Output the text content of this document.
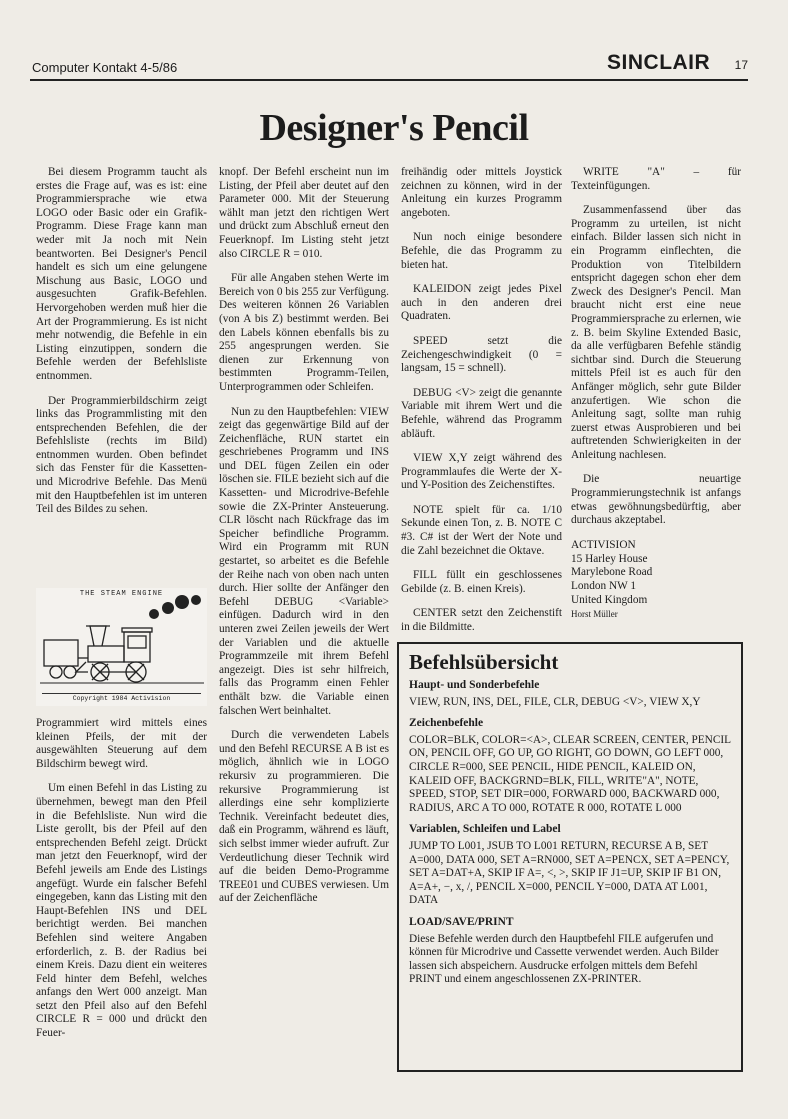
Computer Kontakt 4-5/86	SINCLAIR 17
Designer's Pencil

Bei diesem Programm taucht als erstes die Frage auf, was es ist: eine Programmiersprache wie etwa LOGO oder Basic oder ein Grafik-Programm. Diese Frage kann man weder mit Ja noch mit Nein beantworten. Bei Designer's Pencil handelt es sich um eine gelungene Mischung aus Basic, LOGO und ausgesuchten Grafik-Befehlen. Hervorgehoben werden muß hier die Art der Programmierung. Es ist nicht mehr notwendig, die Befehle in ein Listing einzutippen, sondern die Befehle werden der Befehlsliste entnommen.

Der Programmierbildschirm zeigt links das Programmlisting mit den entsprechenden Befehlen, die der Befehlsliste (rechts im Bild) entnommen wurden. Oben befindet sich das Fenster für die Kassetten- und Microdrive Befehle. Das Menü mit den Hauptbefehlen ist im unteren Teil des Bildes zu sehen.

THE STEAM ENGINE
Copyright 1984 Activision

Programmiert wird mittels eines kleinen Pfeils, der mit der ausgewählten Steuerung auf dem Bildschirm bewegt wird.

Um einen Befehl in das Listing zu übernehmen, bewegt man den Pfeil in die Befehlsliste. Nun wird die Liste gerollt, bis der Pfeil auf den entsprechenden Befehl zeigt. Drückt man jetzt den Feuerknopf, wird der Befehl jeweils am Ende des Listings angefügt. Wurde ein falscher Befehl eingegeben, kann das Listing mit den Haupt-Befehlen INS und DEL berichtigt werden. Bei manchen Befehlen sind weitere Angaben erforderlich, z. B. der Radius bei einem Kreis. Dazu dient ein weiteres Feld hinter dem Befehl, welches anfangs den Wert 000 anzeigt. Man setzt den Pfeil also auf den Befehl CIRCLE R = 000 und drückt den Feuer-

knopf. Der Befehl erscheint nun im Listing, der Pfeil aber deutet auf den Parameter 000. Mit der Steuerung wählt man jetzt den richtigen Wert und drückt zum Abschluß erneut den Feuerknopf. Im Listing steht jetzt also CIRCLE R = 010.

Für alle Angaben stehen Werte im Bereich von 0 bis 255 zur Verfügung. Des weiteren können 26 Variablen (von A bis Z) bestimmt werden. Bei den Labels können ebenfalls bis zu 255 angesprungen werden. Sie dienen zur Erkennung von bestimmten Programm-Teilen, Unterprogrammen oder Schleifen.

Nun zu den Hauptbefehlen: VIEW zeigt das gegenwärtige Bild auf der Zeichenfläche, RUN startet ein geschriebenes Programm und INS und DEL fügen Zeilen ein oder löschen sie. FILE bezieht sich auf die Kassetten- und Microdrive-Befehle sowie die ZX-Printer Ansteuerung. CLR löscht nach Rückfrage das im Speicher befindliche Programm. Wird ein Programm mit RUN gestartet, so arbeitet es die Befehle der Reihe nach von oben nach unten durch. Hier sollte der Anfänger den Befehl DEBUG <Variable> einfügen. Dadurch wird in den unteren zwei Zeilen jeweils der Wert der Variablen und die aktuelle Programmzeile mit ihrem Befehl angezeigt. Dies ist sehr hilfreich, falls das Programm einen Fehler enthält bzw. die Variable einen falschen Wert beinhaltet.

Durch die verwendeten Labels und den Befehl RECURSE A B ist es möglich, ähnlich wie in LOGO rekursiv zu programmieren. Die rekursive Programmierung ist allerdings eine sehr komplizierte Technik. Vereinfacht bedeutet dies, daß ein Programm, während es läuft, sich selbst immer wieder aufruft. Zur Verdeutlichung dieser Technik wird auf die beiden Demo-Programme TREE01 und CUBES verwiesen. Um auf der Zeichenfläche

freihändig oder mittels Joystick zeichnen zu können, wird in der Anleitung ein kurzes Programm angeboten.

Nun noch einige besondere Befehle, die das Programm zu bieten hat.

KALEIDON zeigt jedes Pixel auch in den anderen drei Quadraten.

SPEED setzt die Zeichengeschwindigkeit (0 = langsam, 15 = schnell).

DEBUG <V> zeigt die genannte Variable mit ihrem Wert und die Befehle, während das Programm abläuft.

VIEW X,Y zeigt während des Programmlaufes die Werte der X- und Y-Position des Zeichenstiftes.

NOTE spielt für ca. 1/10 Sekunde einen Ton, z. B. NOTE C #3. C# ist der Wert der Note und die Zahl bezeichnet die Oktave.

FILL füllt ein geschlossenes Gebilde (z. B. einen Kreis).

CENTER setzt den Zeichenstift in die Bildmitte.

WRITE "A" – für Texteinfügungen.

Zusammenfassend über das Programm zu urteilen, ist nicht einfach. Bilder lassen sich nicht in ein Programm einflechten, die Produktion von Titelbildern entspricht dagegen schon eher dem Zweck des Designer's Pencil. Man braucht nicht erst eine neue Programmiersprache zu erlernen, wie z. B. beim Skyline Extended Basic, da alle verfügbaren Befehle ständig sichtbar sind. Durch die Steuerung mittels Pfeil ist es auch für den Anfänger möglich, sehr gute Bilder anzufertigen. Wie schon die Anleitung sagt, sollte man ruhig zuerst etwas Ausprobieren und bei auftretenden Schwierigkeiten in der Anleitung nachlesen.

Die neuartige Programmierungstechnik ist anfangs etwas gewöhnungsbedürftig, aber durchaus akzeptabel.

ACTIVISION
15 Harley House
Marylebone Road
London NW 1
United Kingdom
Horst Müller
Befehlsübersicht
Haupt- und Sonderbefehle
VIEW, RUN, INS, DEL, FILE, CLR, DEBUG <V>, VIEW X,Y
Zeichenbefehle
COLOR=BLK, COLOR=<A>, CLEAR SCREEN, CENTER, PENCIL ON, PENCIL OFF, GO UP, GO RIGHT, GO DOWN, GO LEFT 000, CIRCLE R=000, SEE PENCIL, HIDE PENCIL, KALEID ON, KALEID OFF, BACKGRND=BLK, FILL, WRITE"A", NOTE, SPEED, STOP, SET DIR=000, FORWARD 000, BACKWARD 000, RADIUS, ARC A TO 000, ROTATE R 000, ROTATE L 000
Variablen, Schleifen und Label
JUMP TO L001, JSUB TO L001 RETURN, RECURSE A B, SET A=000, DATA 000, SET A=RN000, SET A=PENCX, SET A=PENCY, SET A=DAT+A, SKIP IF A=, <, >, SKIP IF J1=UP, SKIP IF B1 ON, A=A+, −, x, /, PENCIL X=000, PENCIL Y=000, DATA AT L001, DATA
LOAD/SAVE/PRINT
Diese Befehle werden durch den Hauptbefehl FILE aufgerufen und können für Microdrive und Cassette verwendet werden. Auch Bilder lassen sich abspeichern. Ausdrucke erfolgen mittels dem Befehl PRINT und einem angeschlossenen ZX-PRINTER.
